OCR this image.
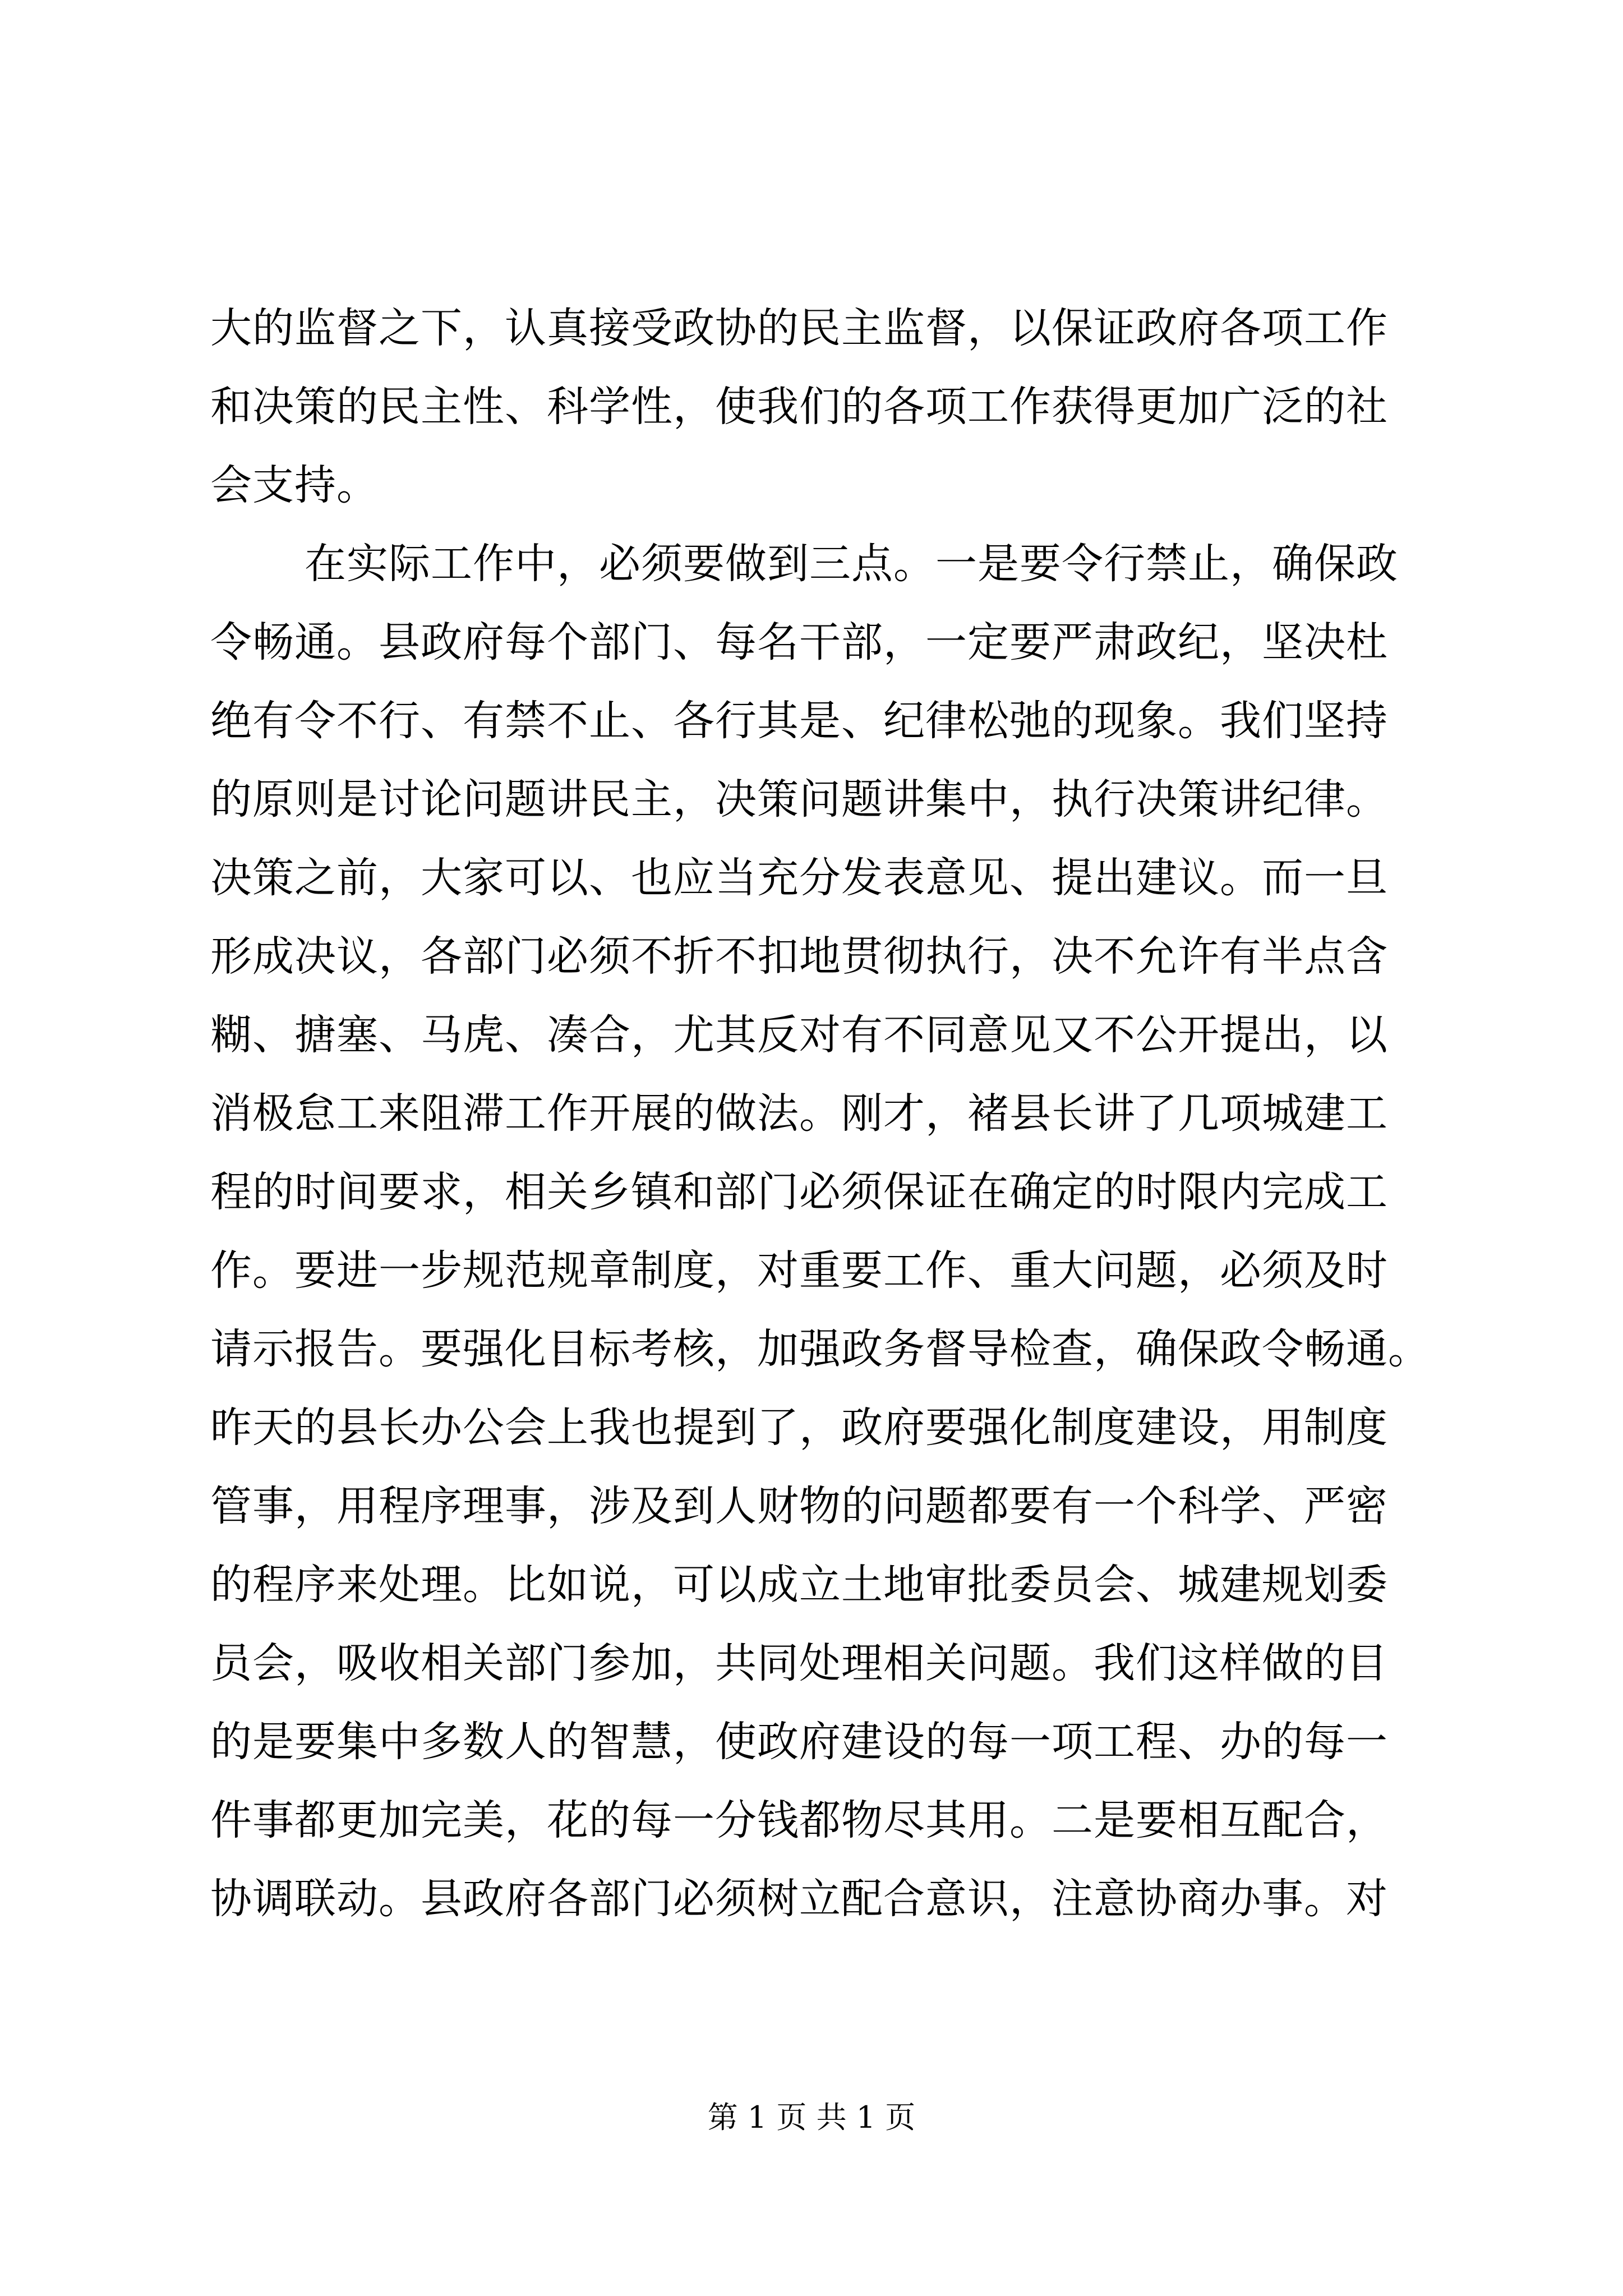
大的监督之下，认真接受政协的民主监督，以保证政府各项工作
和决策的民主性、科学性，使我们的各项工作获得更加广泛的社
会支持。
在实际工作中，必须要做到三点。一是要令行禁止，确保政
令畅通。县政府每个部门、每名干部，一定要严肃政纪，坚决杜
绝有令不行、有禁不止、各行其是、纪律松弛的现象。我们坚持
的原则是讨论问题讲民主，决策问题讲集中，执行决策讲纪律。
决策之前，大家可以、也应当充分发表意见、提出建议。而一旦
形成决议，各部门必须不折不扣地贯彻执行，决不允许有半点含
糊、搪塞、马虎、凑合，尤其反对有不同意见又不公开提出，以
消极怠工来阻滞工作开展的做法。刚才，褚县长讲了几项城建工
程的时间要求，相关乡镇和部门必须保证在确定的时限内完成工
作。要进一步规范规章制度，对重要工作、重大问题，必须及时
请示报告。要强化目标考核，加强政务督导检查，确保政令畅通。
昨天的县长办公会上我也提到了，政府要强化制度建设，用制度
管事，用程序理事，涉及到人财物的问题都要有一个科学、严密
的程序来处理。比如说，可以成立土地审批委员会、城建规划委
员会，吸收相关部门参加，共同处理相关问题。我们这样做的目
的是要集中多数人的智慧，使政府建设的每一项工程、办的每一
件事都更加完美，花的每一分钱都物尽其用。二是要相互配合，
协调联动。县政府各部门必须树立配合意识，注意协商办事。对
第 1 页 共 1 页
